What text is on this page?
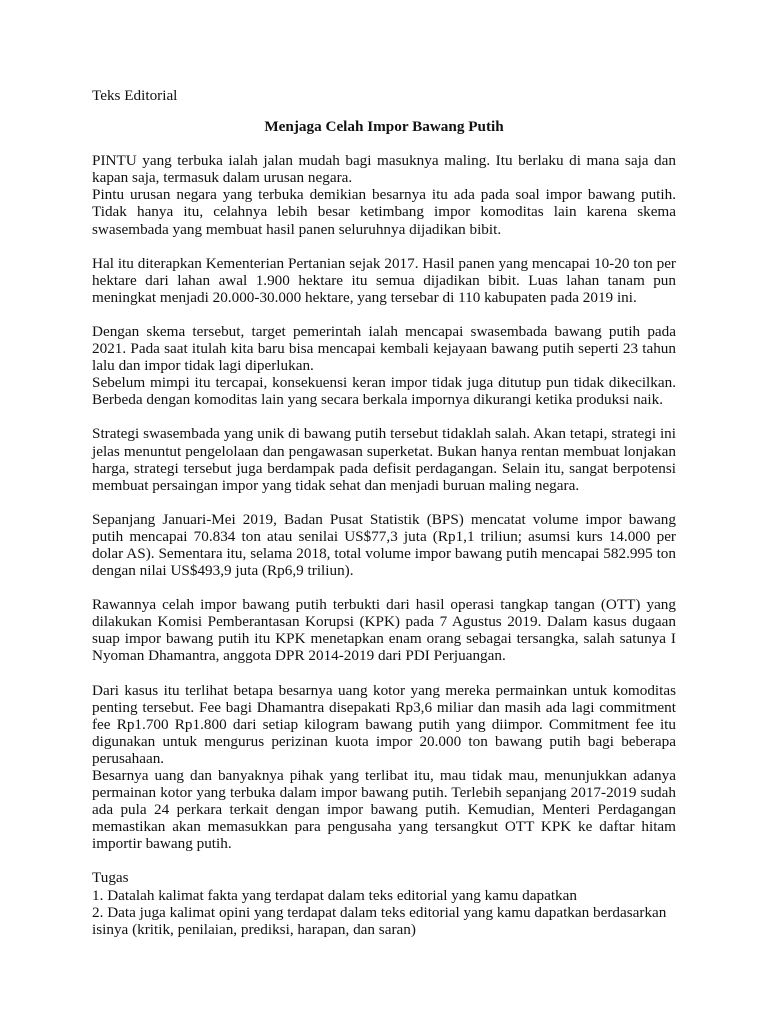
Teks Editorial

Menjaga Celah Impor Bawang Putih

PINTU yang terbuka ialah jalan mudah bagi masuknya maling. Itu berlaku di mana saja dan kapan saja, termasuk dalam urusan negara.

Pintu urusan negara yang terbuka demikian besarnya itu ada pada soal impor bawang putih. Tidak hanya itu, celahnya lebih besar ketimbang impor komoditas lain karena skema swasembada yang membuat hasil panen seluruhnya dijadikan bibit.

Hal itu diterapkan Kementerian Pertanian sejak 2017. Hasil panen yang mencapai 10-20 ton per hektare dari lahan awal 1.900 hektare itu semua dijadikan bibit. Luas lahan tanam pun meningkat menjadi 20.000-30.000 hektare, yang tersebar di 110 kabupaten pada 2019 ini.

Dengan skema tersebut, target pemerintah ialah mencapai swasembada bawang putih pada 2021. Pada saat itulah kita baru bisa mencapai kembali kejayaan bawang putih seperti 23 tahun lalu dan impor tidak lagi diperlukan.

Sebelum mimpi itu tercapai, konsekuensi keran impor tidak juga ditutup pun tidak dikecilkan. Berbeda dengan komoditas lain yang secara berkala impornya dikurangi ketika produksi naik.

Strategi swasembada yang unik di bawang putih tersebut tidaklah salah. Akan tetapi, strategi ini jelas menuntut pengelolaan dan pengawasan superketat. Bukan hanya rentan membuat lonjakan harga, strategi tersebut juga berdampak pada defisit perdagangan. Selain itu, sangat berpotensi membuat persaingan impor yang tidak sehat dan menjadi buruan maling negara.

Sepanjang Januari-Mei 2019, Badan Pusat Statistik (BPS) mencatat volume impor bawang putih mencapai 70.834 ton atau senilai US$77,3 juta (Rp1,1 triliun; asumsi kurs 14.000 per dolar AS). Sementara itu, selama 2018, total volume impor bawang putih mencapai 582.995 ton dengan nilai US$493,9 juta (Rp6,9 triliun).

Rawannya celah impor bawang putih terbukti dari hasil operasi tangkap tangan (OTT) yang dilakukan Komisi Pemberantasan Korupsi (KPK) pada 7 Agustus 2019. Dalam kasus dugaan suap impor bawang putih itu KPK menetapkan enam orang sebagai tersangka, salah satunya I Nyoman Dhamantra, anggota DPR 2014-2019 dari PDI Perjuangan.

Dari kasus itu terlihat betapa besarnya uang kotor yang mereka permainkan untuk komoditas penting tersebut. Fee bagi Dhamantra disepakati Rp3,6 miliar dan masih ada lagi commitment fee Rp1.700 Rp1.800 dari setiap kilogram bawang putih yang diimpor. Commitment fee itu digunakan untuk mengurus perizinan kuota impor 20.000 ton bawang putih bagi beberapa perusahaan.

Besarnya uang dan banyaknya pihak yang terlibat itu, mau tidak mau, menunjukkan adanya permainan kotor yang terbuka dalam impor bawang putih. Terlebih sepanjang 2017-2019 sudah ada pula 24 perkara terkait dengan impor bawang putih. Kemudian, Menteri Perdagangan memastikan akan memasukkan para pengusaha yang tersangkut OTT KPK ke daftar hitam importir bawang putih.

Tugas

1. Datalah kalimat fakta yang terdapat dalam teks editorial yang kamu dapatkan

2. Data juga kalimat opini yang terdapat dalam teks editorial yang kamu dapatkan berdasarkan isinya (kritik, penilaian, prediksi, harapan, dan saran)
